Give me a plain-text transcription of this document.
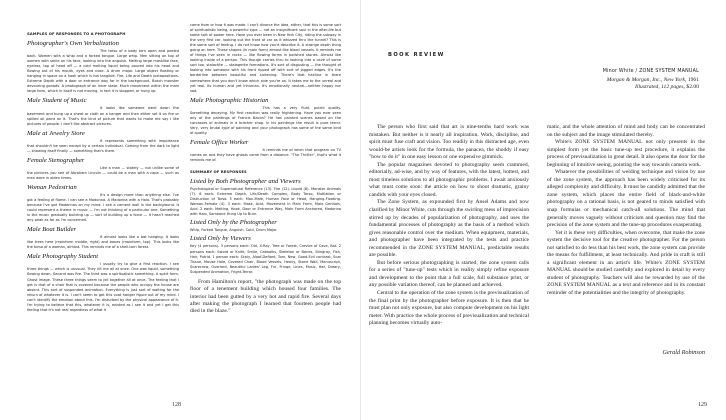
SAMPLES OF RESPONSES TO A PHOTOGRAPH
Photographer's Own Verbalization
The torso of a body torn open and peeled back. Women with a whip and a forked tongue. Large whip. Men sitting on top of women with smile on his face, looking into the anguish. Melting large masklike face, eyeless, top of head off — a cold melting liquid being poured into his head and flowing out of his mouth, eyes and nose. A drum major. Large object floating or hanging in space on a hook which is not tangible. Fire. Life and Death juxtapositions. Extreme Depth with a door or entrance way far in the background. Bosch monster devouring gonads. A photograph of an inner state. Much movement within the main large form, which in itself is not moving, in fact it is stopped, or hung up.
Male Student of Music
It looks like someone went down the basement and hung up a sheet or cloth on a hanger and then either set it on fire or spilled oil paint on it. That's the kind of picture that wants to make me say I like pictures of people. I don't like abstract pictures.
Male at Jewelry Store
It represents something with importance that shouldn't be seen except by a certain individual. Coming from the dark to light — showing itself finally — something that's there.
Female Stenographer
Like a man — stately — not unlike some of the pictures you see of Abraham Lincoln — could be a man with a cape — such as men wore in olden times.
Woman Pedestrian
It's a design more than anything else. I've got a feeling of flame. I can see a Madonna. A Madonna with a Halo. That's probably because I've got Madonnas on my mind. I see a cement wall in the background. It could represent a theme in music — I'm not thinking of a particular one. Something in the music gradually building up — sort of building up a force — it hasn't reached any peak as far as I'm concerned.
Male Boat Builder
It almost looks like a bat hanging. It looks like trees here (mainform middle, right) and bones (mainform, top). This looks like the torso of a woman, almost. This reminds me of a shell-torn forest.
Male Photography Student
I usually try to give a first reaction. I see three things — which is unusual. They hit me all at once. One was liquid, something flowing down. Second was fire. The third was a spiritualistic something. A spirit form. Ghost image. These three things seem to jell together all at once. The feeling that I get is that of a chair that is covered because the people who occupy the house are absent. This sort of suspended animation. Everything is just sort of waiting for the return of whatever it is. I can't seem to get this coat hanger figure out of my mind. I can't identify the emotion about this. I'm disturbed by the physical appearance of it. I'm trying to believe that this, whatever it is, existed as I see it and yet I get this feeling that it's not real regardless of what it
came from or how it was made. I can't divorce the idea, either, that this is some sort of spiritualistic being, a powerful type — not an insignificant soul in the after-life but some sort of power here. Have you ever been in New York City, riding the subway in the very first car, looking out the front of car as it whizzed thru the tunnel? This is the same sort of feeling. I do not know how you'd describe it. A strange depth thing going on here. These shapes (in main form) almost like blood vessels. It reminds me of things I've seen in rocks — like flowing forms in polished stones. Almost like looking inside of a person. This though carries thru to looking into a cave of some sort too, stalactite — stalagmite formations. It's sort of disgusting — the thought of looking into someone with his front ripped off with sort of jagged edges. It's the borderline between beautiful and sickening. There's that hairline in there somewhere that you don't know which side you're on. It takes me to the unreal and yet real. Its human and yet inhuman. It's emotionally neutral—neither happy nor sad.
Male Photographic Historian
This has a very fluid, putrid quality. Something decaying. My first reaction was really frightening. Have you ever seen any of the paintings of Francis Bacon? He has painted scenes based on the carcasses of animals in a butcher shop. In his paintings the result is pure terror. Very, very brutal type of painting and your photograph has some of the same kind of quality.
Female Office Worker
It reminds me of when that program on TV comes on and they have ghosts come from a distance. "The Thriller", that's what it reminds me of.
SUMMARY OF RESPONSES
Listed by Both Photographer and Viewers
Psychological or Supernatural Reference (13). Fire (12). Liquid (8). Monster Animals (7). 6 each: Extreme Depth, Life/Death Complex, Body Torso, Mutilation or Distruction of Torso. 5 each: Man-Male, Human Face or Head, Hanging-Floating. Woman-Female (4). 3 each: Mask, Acid, Movement in Main Form, Male Genitals, Acid. 2 each: Melting, Hook, Door or Entrance Way, Main Form Anchored, Madonna with Halo, Someone Hung Up to Burn.
Listed Only by the Photographer
Whip, Forked Tongue, Anguish, Cold, Drum Major
Listed Only by Viewers
Key (4 persons). 3 persons each: Old, X-Ray, Tree or Forest, Crevice of Cave, Bat. 2 persons each: Sword or Knife, Smile, Catwalks, Skeleton or Bones, Stingray, Fish, Hair, Putrid. 1 person each: Scaly, Aloof-Defiant, Torn, New, Good-Evil contrast, Scar Tissue, Mouse Hole, Covered Chair, Blood Vessels, Heavy, Stone Wall, Manuscript, Scarecrow, Overlord, Beautiful Ladies' Leg, Fur, Fringe, Lines, Music, Hat, Dreary, Suspended Animation, Fright-Terror.
From Hamilton's report, "the photograph was made on the top floor of a tenement building which housed four families. The interior had been gutted by a very hot and rapid fire. Several days after making the photograph I learned that fourteen people had died in the blaze."
128
BOOK REVIEW
Minor White / ZONE SYSTEM MANUAL
Morgan & Morgan, Inc., New York, 1961
Illustrated, 112 pages, $2.00

The person who first said that art is nine-tenths hard work was mistaken. But neither is it nearly all inspiration. Work, discipline, and spirit must fuse craft and vision. Too readily in this distracted age, even would-be artists look for the formula, the panacea, the shoddy if easy "how to do it" in one easy lesson or one expensive gimmick.

The popular magazines devoted to photography seem crammed, editorially, ad-wise, and by way of features, with the latest, hottest, and most timeless solutions to all photographic problems. I await anxiously what must come soon: the article on how to shoot dramatic, grainy candids with your eyes closed.

The Zone System, as expounded first by Ansel Adams and now clarified by Minor White, cuts through the swirling mess of imprecision stirred up by decades of popularization of photography, and uses the fundamental processes of photography as the basis of a method which gives reasonable control over the medium. When equipment, materials, and photographer have been integrated by the tests and practice recommended in the ZONE SYSTEM MANUAL, predictable results are possible.

But before serious photographing is started, the zone system calls for a series of "tune-up" tests which in reality simply refine exposure and development to the point that a full scale, full substance print, or any possible variation thereof, can be planned and achieved.

Central to the operation of the zone system is the previsualization of the final print by the photographer before exposure. It is then that he must plan not only exposure, but also compute development on his light meter. With practice the whole process of previsualization and technical planning becomes virtually auto-

matic, and the whole attention of mind and body can be concentrated on the subject and the image stimulated thereby.

White's ZONE SYSTEM MANUAL not only presents in the simplest form yet the basic tune-up test procedure, it explains the process of previsualization in great detail. It also opens the door for the beginning of intuitive seeing, pointing the way towards camera work.

Whatever the possibilities of welding technique and vision by use of the zone system, the approach has been widely criticised for its alleged complexity and difficulty. It must be candidly admitted that the zone system, which places the entire field of black-and-white photography on a rational basis, is not geared to minds satisfied with snap formulas or mechanical catch-all solutions. The mind that generally moves vaguely without criticism and question may find the precision of the zone system and the tune-up procedures exasperating.

Yet it is these very difficulties, when overcome, that make the zone system the decisive tool for the creative photographer. For the person not satisfied to do less than his best work, the zone system can provide the means for fulfillment, at least technically. And pride in craft is still a significant element in an artist's life. White's ZONE SYSTEM MANUAL should be studied carefully and explored in detail by every student of photography. Teachers will also be rewarded by use of the ZONE SYSTEM MANUAL as a text and reference and in its constant reminder of the potentialities and the integrity of photography.

Gerald Robinson
129
